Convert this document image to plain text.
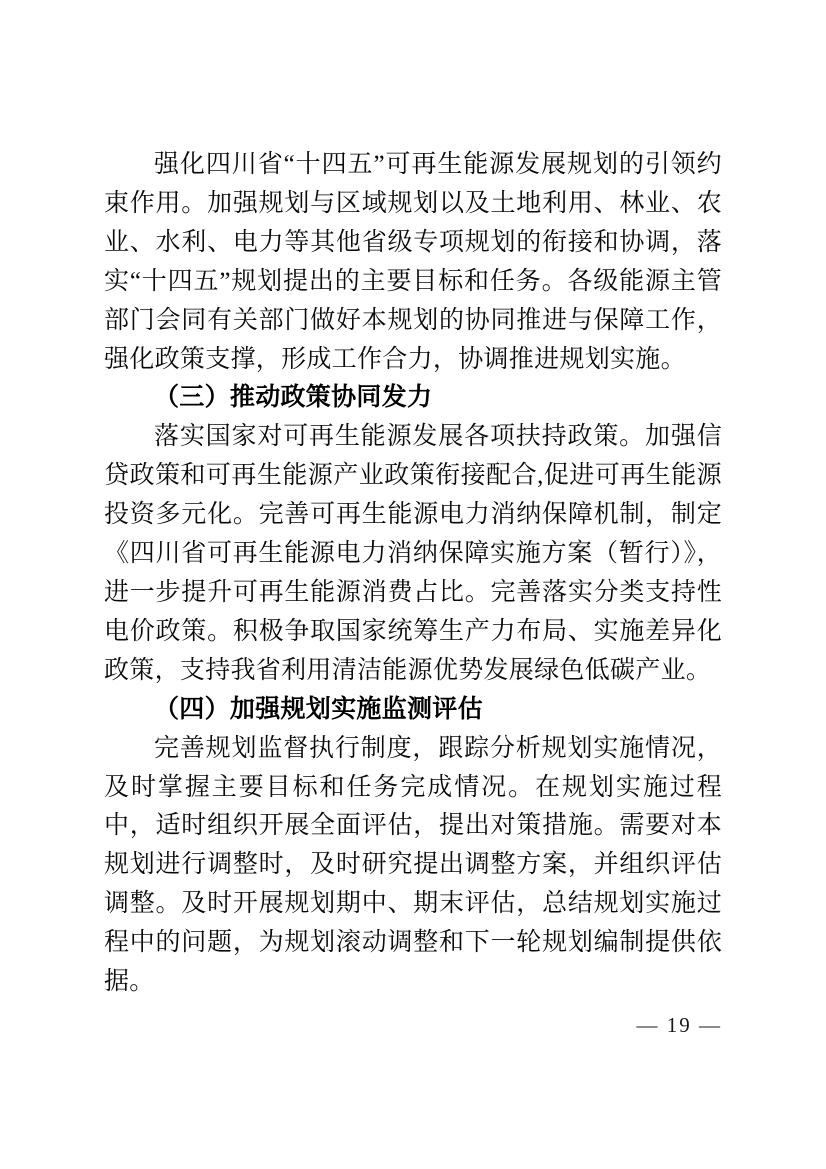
强化四川省“十四五”可再生能源发展规划的引领约束作用。加强规划与区域规划以及土地利用、林业、农业、水利、电力等其他省级专项规划的衔接和协调，落实“十四五”规划提出的主要目标和任务。各级能源主管部门会同有关部门做好本规划的协同推进与保障工作，强化政策支撑，形成工作合力，协调推进规划实施。
（三）推动政策协同发力
落实国家对可再生能源发展各项扶持政策。加强信贷政策和可再生能源产业政策衔接配合,促进可再生能源投资多元化。完善可再生能源电力消纳保障机制，制定《四川省可再生能源电力消纳保障实施方案（暂行）》，进一步提升可再生能源消费占比。完善落实分类支持性电价政策。积极争取国家统筹生产力布局、实施差异化政策，支持我省利用清洁能源优势发展绿色低碳产业。
（四）加强规划实施监测评估
完善规划监督执行制度，跟踪分析规划实施情况，及时掌握主要目标和任务完成情况。在规划实施过程中，适时组织开展全面评估，提出对策措施。需要对本规划进行调整时，及时研究提出调整方案，并组织评估调整。及时开展规划期中、期末评估，总结规划实施过程中的问题，为规划滚动调整和下一轮规划编制提供依据。
— 19 —
